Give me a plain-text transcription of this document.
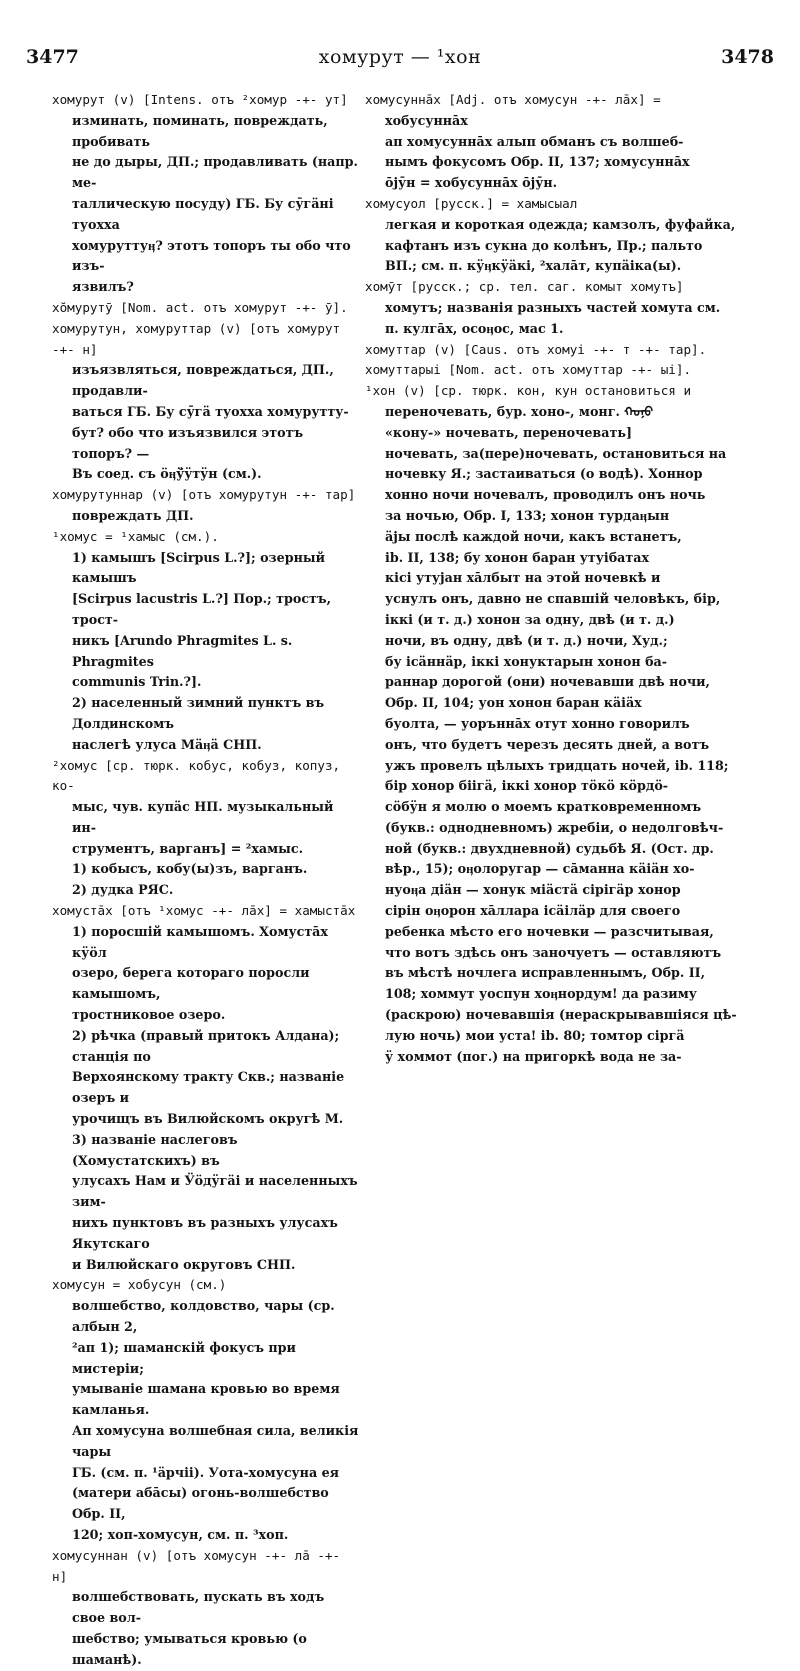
3477	хомурут — ¹хон	3478

хомурут (v) [Intens. отъ ²хомур ‑+‑ ут]

изминать, поминать, повреждать, пробивать

не до дыры, ДП.; продавливать (напр. ме-

таллическую посуду) ГБ. Бу сӯгäнi туохха

хомуруттуӊ? этотъ топоръ ты обо что изъ-

язвилъ?

хо̆мурутӯ [Nom. act. отъ хомурут ‑+‑ ӯ].

хомурутун, хомуруттар (v) [отъ хомурут ‑+‑ н]

изъязвляться, повреждаться, ДП., продавли-

ваться ГБ. Бу сӯгä туохха хомурутту-

бут? обо что изъязвился этотъ топоръ? —

Въ соед. съ ӧӊӱ̆ӱтӱн (см.).

хомурутуннар (v) [отъ хомурутун ‑+‑ тар]

повреждать ДП.

¹хомус = ¹хамыс (см.).

1) камышъ [Scirpus L.?]; озерный камышъ

[Scirpus lacustris L.?] Пор.; тростъ, трост-

никъ [Arundo Phragmites L. s. Phragmites

communis Trin.?].

2) населенный зимний пунктъ въ Долдинскомъ

наслегѣ улуса Мäӊä СНП.

²хомус [ср. тюрк. кобус, кобуз, копуз, ко-

мыс, чув. купäс НП. музыкальный ин-

струментъ, варганъ] = ²хамыс.

1) кобысъ, кобу(ы)зъ, варганъ.

2) дудка РЯС.

хомустāх [отъ ¹хомус ‑+‑ лāх] = хамыстāх

1) поросшiй камышомъ. Хомустāх кӱӧл

озеро, берега котораго поросли камышомъ,

тростниковое озеро.

2) рѣчка (правый притокъ Алдана); станцiя по

Верхоянскому тракту Скв.; названiе озеръ и

урочищъ въ Вилюйскомъ округѣ М.

3) названiе наслеговъ (Хомустатскихъ) въ

улусахъ Нам и Ӱӧдӱгäi и населенныхъ зим-

нихъ пунктовъ въ разныхъ улусахъ Якутскаго

и Вилюйскаго округовъ СНП.

хомусун = хобусун (см.)

волшебство, колдовство, чары (ср. албын 2,

²ап 1); шаманскiй фокусъ при мистерiи;

умыванiе шамана кровью во время камланья.

Ап хомусуна волшебная сила, великiя чары

ГБ. (см. п. ¹äрчii). Уота-хомусуна ея

(матери абāсы) огонь-волшебство Обр. II,

120; хоп-хомусун, см. п. ³хоп.

хомусуннан (v) [отъ хомусун ‑+‑ лā ‑+‑ н]

волшебствовать, пускать въ ходъ свое вол-

шебство; умываться кровью (о шаманѣ).

хомусуннāх [Adj. отъ хомусун ‑+‑ лāх] =

хобусуннāх

ап хомусуннāх алып обманъ съ волшеб-

нымъ фокусомъ Обр. II, 137; хомусуннāх

ōjӯн = хобусуннāх ōjӯн.

хомусуол [русск.] = хамысыал

легкая и короткая одежда; камзолъ, фуфайка,

кафтанъ изъ сукна до колѣнъ, Пр.; пальто

ВП.; см. п. кӱӊкӱäкi, ²халāт, купäiка(ы).

хомӯт [русск.; ср. тел. саг. комыт хомутъ]

хомутъ; названiя разныхъ частей хомута см.

п. кулгāх, осоӊос, мас 1.

хомуттар (v) [Caus. отъ хомуі ‑+‑ т ‑+‑ тар].

хомуттарыі [Nom. act. отъ хомуттар ‑+‑ ыі].

¹хон (v) [ср. тюрк. кон, кун остановиться и

переночевать, бур. хоно-, монг. ᠬᠣᠨᠤ

«кону-» ночевать, переночевать]

ночевать, за(пере)ночевать, остановиться на

ночевку Я.; застаиваться (о водѣ). Хоннор

хонно ночи ночевалъ, проводилъ онъ ночь

за ночью, Обр. I, 133; хонон турдаӊын

äjы послѣ каждой ночи, какъ встанетъ,

ib. II, 138; бу хонон баран утуiбатах

кiсi утуjан хāлбыт на этой ночевкѣ и

уснулъ онъ, давно не спавшiй человѣкъ, бiр,

iккi (и т. д.) хонон за одну, двѣ (и т. д.)

ночи, въ одну, двѣ (и т. д.) ночи, Худ.;

бу iсäннäр, iккi хонуктарын хонон ба-

раннар дорогой (они) ночевавши двѣ ночи,

Обр. II, 104; уон хонон баран кäiäх

буолта, — уоръннāх отут хонно говорилъ

онъ, что будетъ черезъ десять дней, а вотъ

ужъ провелъ цѣлыхъ тридцать ночей, ib. 118;

бiр хонор бiiгä, iккi хонор тӧкӧ кӧрдӧ-

сӧбӱн я молю о моемъ кратковременномъ

(букв.: однодневномъ) жребiи, о недолговѣч-

ной (букв.: двухдневной) судьбѣ Я. (Ост. др.

вѣр., 15); оӊолоругар — сāманна кäiäн хо-

нуоӊа дiäн — хонук мiäстä сiрiгäр хонор

сiрiн оӊорон хāллара iсäiлäр для своего

ребенка мѣсто его ночевки — разсчитывая,

что вотъ здѣсь онъ заночуетъ — оставляютъ

въ мѣстѣ ночлега исправленнымъ, Обр. II,

108; хоммут уоспун хоӊнордум! да разиму

(раскрою) ночевавшiя (нераскрывавшiяся цѣ-

лую ночь) мои уста! ib. 80; томтор сiргä

ӱ хоммот (пог.) на пригоркѣ вода не за-
